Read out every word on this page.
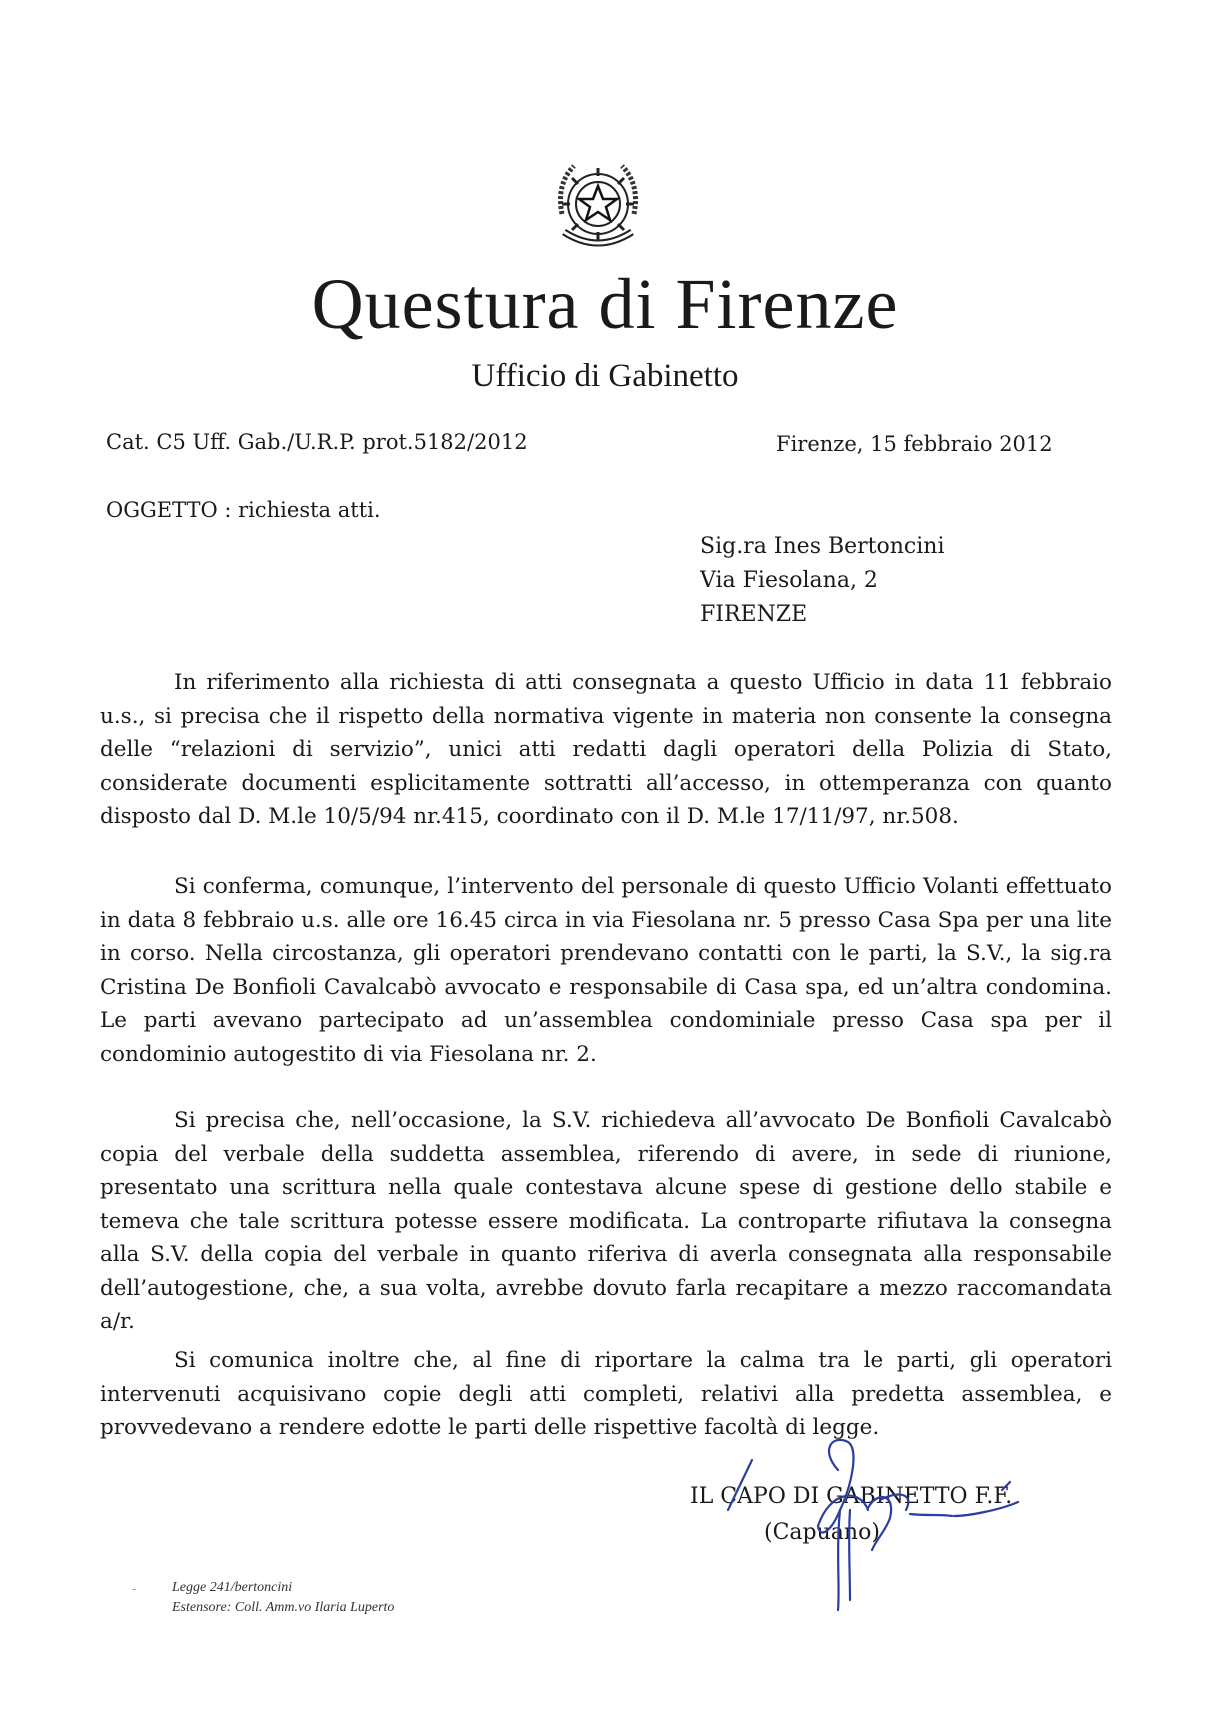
Questura di Firenze
Ufficio di Gabinetto
Cat. C5 Uff. Gab./U.R.P. prot.5182/2012	Firenze, 15 febbraio 2012
OGGETTO : richiesta atti.
Sig.ra Ines Bertoncini
Via Fiesolana, 2
FIRENZE
In riferimento alla richiesta di atti consegnata a questo Ufficio in data 11 febbraio u.s., si precisa che il rispetto della normativa vigente in materia non consente la consegna delle “relazioni di servizio”, unici atti redatti dagli operatori della Polizia di Stato, considerate documenti esplicitamente sottratti all’accesso, in ottemperanza con quanto disposto dal D. M.le 10/5/94 nr.415, coordinato con il D. M.le 17/11/97, nr.508.
Si conferma, comunque, l’intervento del personale di questo Ufficio Volanti effettuato in data 8 febbraio u.s. alle ore 16.45 circa in via Fiesolana nr. 5 presso Casa Spa per una lite in corso. Nella circostanza, gli operatori prendevano contatti con le parti, la S.V., la sig.ra Cristina De Bonfioli Cavalcabò avvocato e responsabile di Casa spa, ed un’altra condomina. Le parti avevano partecipato ad un’assemblea condominiale presso Casa spa per il condominio autogestito di via Fiesolana nr. 2.
Si precisa che, nell’occasione, la S.V. richiedeva all’avvocato De Bonfioli Cavalcabò copia del verbale della suddetta assemblea, riferendo di avere, in sede di riunione, presentato una scrittura nella quale contestava alcune spese di gestione dello stabile e temeva che tale scrittura potesse essere modificata. La controparte rifiutava la consegna alla S.V. della copia del verbale in quanto riferiva di averla consegnata alla responsabile dell’autogestione, che, a sua volta, avrebbe dovuto farla recapitare a mezzo raccomandata a/r.
Si comunica inoltre che, al fine di riportare la calma tra le parti, gli operatori intervenuti acquisivano copie degli atti completi, relativi alla predetta assemblea, e provvedevano a rendere edotte le parti delle rispettive facoltà di legge.
IL CAPO DI GABINETTO F.F.
(Capuano)
-	Legge 241/bertoncini
Estensore: Coll. Amm.vo Ilaria Luperto
